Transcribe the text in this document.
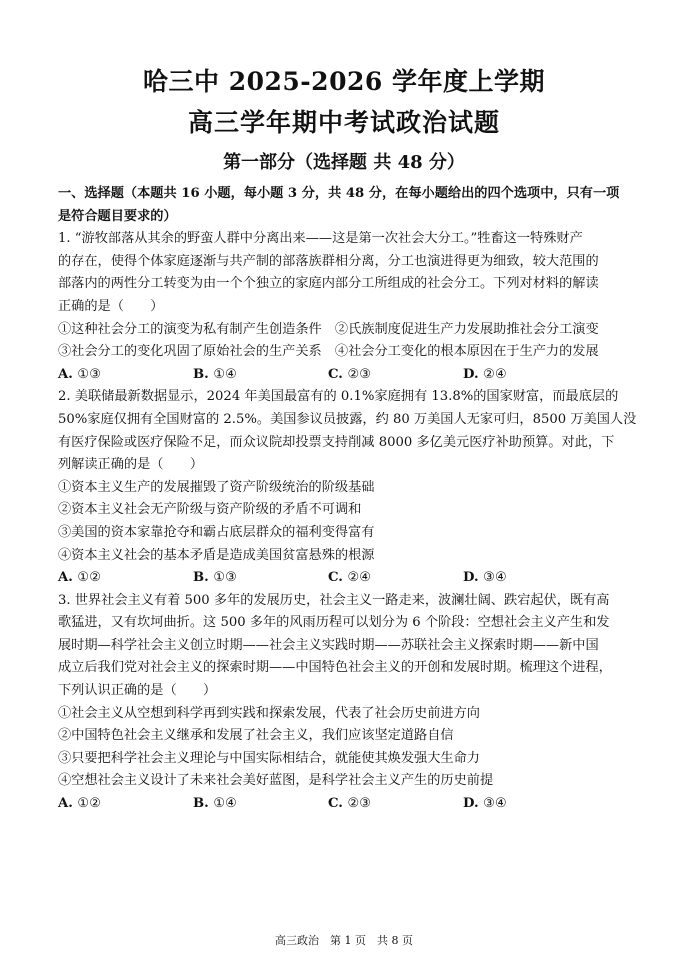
哈三中 2025-2026 学年度上学期
高三学年期中考试政治试题
第一部分（选择题 共 48 分）
一、选择题（本题共 16 小题，每小题 3 分，共 48 分，在每小题给出的四个选项中，只有一项
是符合题目要求的）
1. “游牧部落从其余的野蛮人群中分离出来——这是第一次社会大分工。”牲畜这一特殊财产
的存在，使得个体家庭逐渐与共产制的部落族群相分离，分工也演进得更为细致，较大范围的
部落内的两性分工转变为由一个个独立的家庭内部分工所组成的社会分工。下列对材料的解读
正确的是（　　）
①这种社会分工的演变为私有制产生创造条件　②氏族制度促进生产力发展助推社会分工演变
③社会分工的变化巩固了原始社会的生产关系　④社会分工变化的根本原因在于生产力的发展
A. ①③	B. ①④	C. ②③	D. ②④
2. 美联储最新数据显示，2024 年美国最富有的 0.1%家庭拥有 13.8%的国家财富，而最底层的
50%家庭仅拥有全国财富的 2.5%。美国参议员披露，约 80 万美国人无家可归，8500 万美国人没
有医疗保险或医疗保险不足，而众议院却投票支持削减 8000 多亿美元医疗补助预算。对此，下
列解读正确的是（　　）
①资本主义生产的发展摧毁了资产阶级统治的阶级基础
②资本主义社会无产阶级与资产阶级的矛盾不可调和
③美国的资本家靠抢夺和霸占底层群众的福利变得富有
④资本主义社会的基本矛盾是造成美国贫富悬殊的根源
A. ①②	B. ①③	C. ②④	D. ③④
3. 世界社会主义有着 500 多年的发展历史，社会主义一路走来，波澜壮阔、跌宕起伏，既有高
歌猛进，又有坎坷曲折。这 500 多年的风雨历程可以划分为 6 个阶段：空想社会主义产生和发
展时期—科学社会主义创立时期——社会主义实践时期——苏联社会主义探索时期——新中国
成立后我们党对社会主义的探索时期——中国特色社会主义的开创和发展时期。梳理这个进程，
下列认识正确的是（　　）
①社会主义从空想到科学再到实践和探索发展，代表了社会历史前进方向
②中国特色社会主义继承和发展了社会主义，我们应该坚定道路自信
③只要把科学社会主义理论与中国实际相结合，就能使其焕发强大生命力
④空想社会主义设计了未来社会美好蓝图，是科学社会主义产生的历史前提
A. ①②	B. ①④	C. ②③	D. ③④
高三政治　第 1 页　共 8 页
